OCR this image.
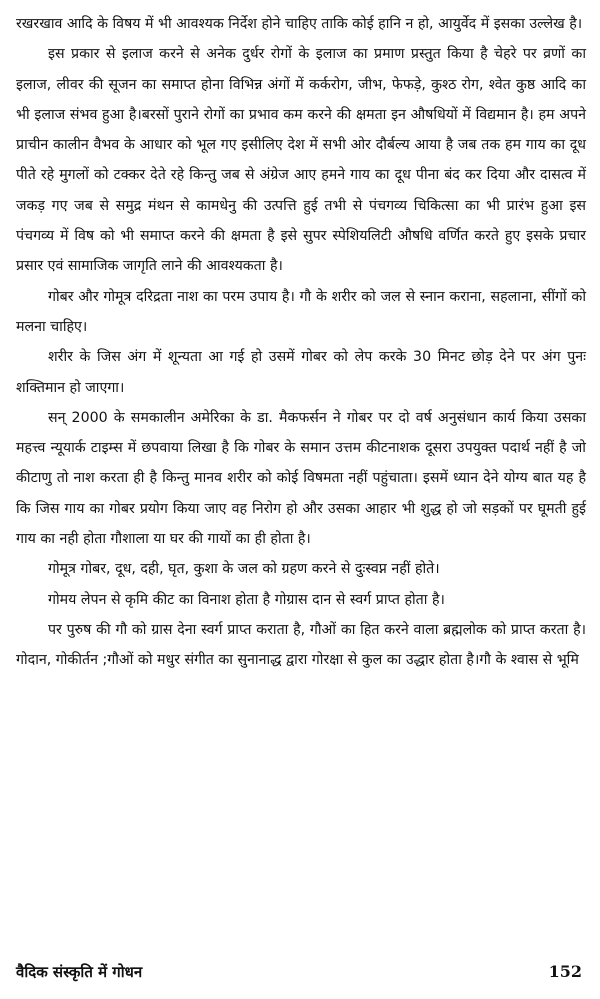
रखरखाव आदि के विषय में भी आवश्यक निर्देश होने चाहिए ताकि कोई हानि न हो, आयुर्वेद में इसका उल्लेख है।

इस प्रकार से इलाज करने से अनेक दुर्धर रोगों के इलाज का प्रमाण प्रस्तुत किया है चेहरे पर व्रणों का इलाज, लीवर की सूजन का समाप्त होना विभिन्न अंगों में कर्करोग, जीभ, फेफड़े, कुश्ठ रोग, श्वेत कुष्ठ आदि का भी इलाज संभव हुआ है।बरसों पुराने रोगों का प्रभाव कम करने की क्षमता इन औषधियों में विद्यमान है। हम अपने प्राचीन कालीन वैभव के आधार को भूल गए इसीलिए देश में सभी ओर दौर्बल्य आया है जब तक हम गाय का दूध पीते रहे मुगलों को टक्कर देते रहे किन्तु जब से अंग्रेज आए हमने गाय का दूध पीना बंद कर दिया और दासत्व में जकड़ गए जब से समुद्र मंथन से कामधेनु की उत्पत्ति हुई तभी से पंचगव्य चिकित्सा का भी प्रारंभ हुआ इस पंचगव्य में विष को भी समाप्त करने की क्षमता है इसे सुपर स्पेशियलिटी औषधि वर्णित करते हुए इसके प्रचार प्रसार एवं सामाजिक जागृति लाने की आवश्यकता है।

गोबर और गोमूत्र दरिद्रता नाश का परम उपाय है। गौ के शरीर को जल से स्नान कराना, सहलाना, सींगों को मलना चाहिए।

शरीर के जिस अंग में शून्यता आ गई हो उसमें गोबर को लेप करके 30 मिनट छोड़ देने पर अंग पुनः शक्तिमान हो जाएगा।

सन् 2000 के समकालीन अमेरिका के डा. मैकफर्सन ने गोबर पर दो वर्ष अनुसंधान कार्य किया उसका महत्त्व न्यूयार्क टाइम्स में छपवाया लिखा है कि गोबर के समान उत्तम कीटनाशक दूसरा उपयुक्त पदार्थ नहीं है जो कीटाणु तो नाश करता ही है किन्तु मानव शरीर को कोई विषमता नहीं पहुंचाता। इसमें ध्यान देने योग्य बात यह है कि जिस गाय का गोबर प्रयोग किया जाए वह निरोग हो और उसका आहार भी शुद्ध हो जो सड़कों पर घूमती हुई गाय का नही होता गौशाला या घर की गायों का ही होता है।

गोमूत्र गोबर, दूध, दही, घृत, कुशा के जल को ग्रहण करने से दुःस्वप्न नहीं होते।

गोमय लेपन से कृमि कीट का विनाश होता है गोग्रास दान से स्वर्ग प्राप्त होता है।

पर पुरुष की गौ को ग्रास देना स्वर्ग प्राप्त कराता है, गौओं का हित करने वाला ब्रह्मलोक को प्राप्त करता है। गोदान, गोकीर्तन ;गौओं को मधुर संगीत का सुनानाद्ध द्वारा गोरक्षा से कुल का उद्धार होता है।गौ के श्वास से भूमि

वैदिक संस्कृति में गोधन	152
